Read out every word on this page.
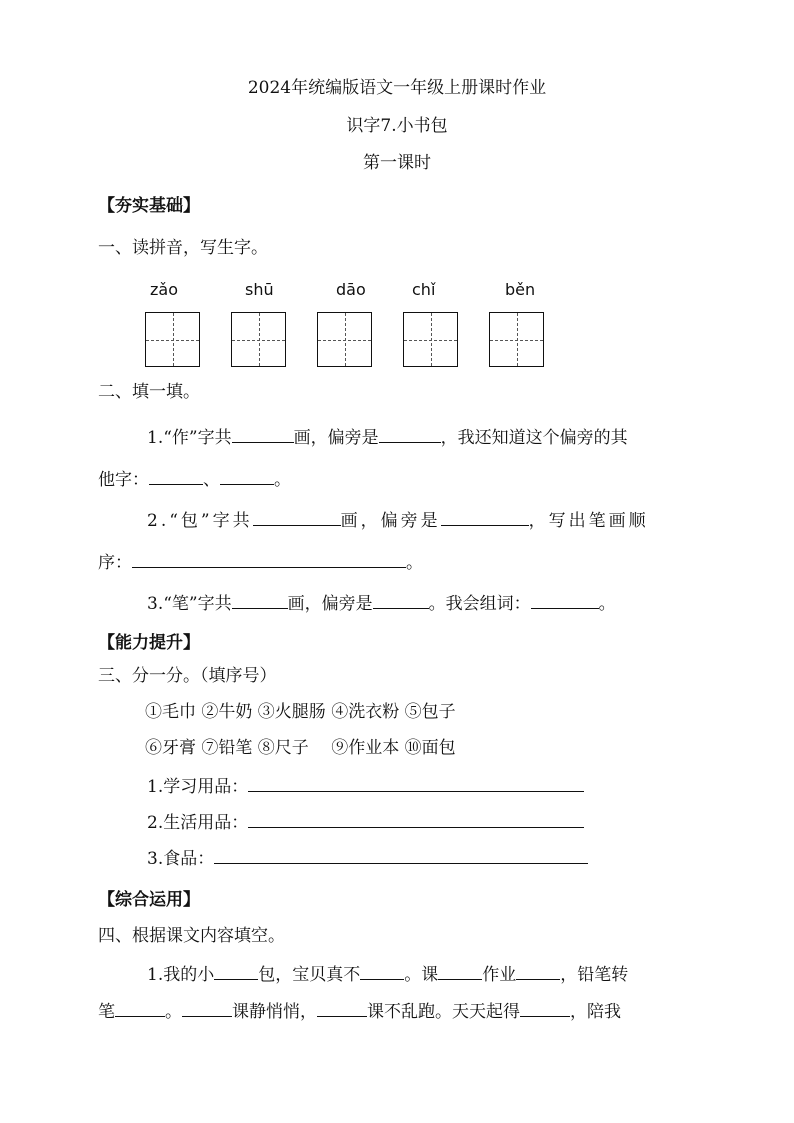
2024年统编版语文一年级上册课时作业
识字7.小书包
第一课时
【夯实基础】
一、读拼音，写生字。
zǎo	shū	dāo	chǐ	běn
二、填一填。
1.“作”字共	画，偏旁是	，我还知道这个偏旁的其
他字：	、	。
2.“包”字共	画，偏旁是	，写出笔画顺
序：	。
3.“笔”字共	画，偏旁是	。我会组词：	。
【能力提升】
三、分一分。（填序号）
①毛巾 ②牛奶 ③火腿肠 ④洗衣粉 ⑤包子
⑥牙膏 ⑦铅笔 ⑧尺子　 ⑨作业本 ⑩面包
1.学习用品：
2.生活用品：
3.食品：
【综合运用】
四、根据课文内容填空。
1.我的小	包，宝贝真不	。课	作业	，铅笔转
笔	。	课静悄悄，	课不乱跑。天天起得	，陪我
